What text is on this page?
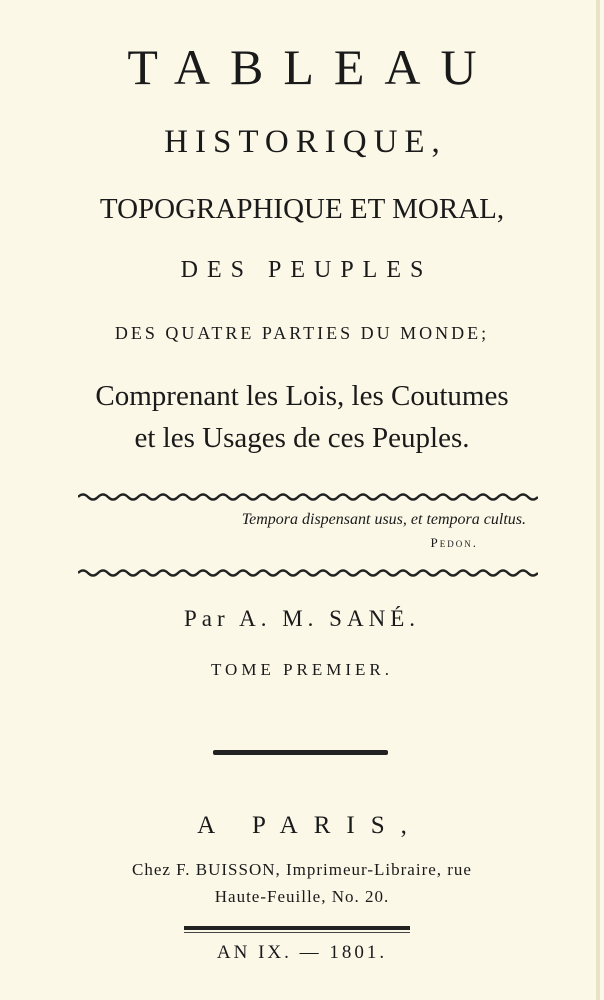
TABLEAU
HISTORIQUE,
TOPOGRAPHIQUE ET MORAL,
DES PEUPLES
DES QUATRE PARTIES DU MONDE;
Comprenant les Lois, les Coutumes
et les Usages de ces Peuples.
Tempora dispensant usus, et tempora cultus.
Pedon.
Par A. M. SANÉ.
TOME PREMIER.
A PARIS,
Chez F. BUISSON, Imprimeur-Libraire, rue
Haute-Feuille, No. 20.
AN IX. — 1801.
